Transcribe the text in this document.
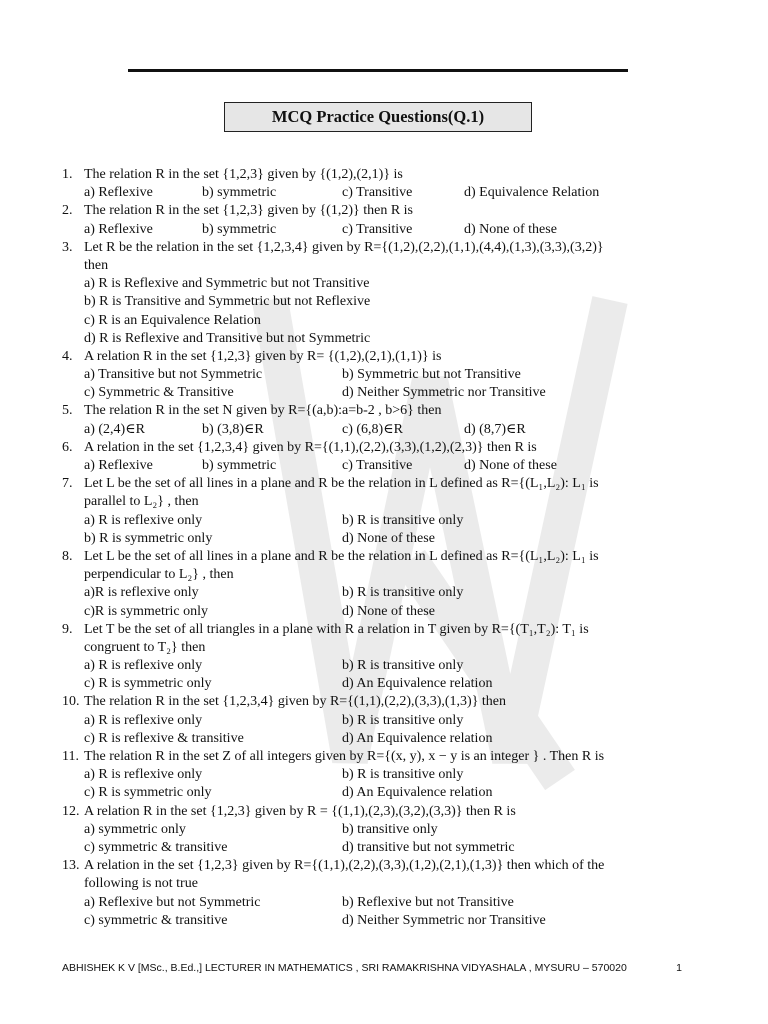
MCQ Practice Questions(Q.1)
1. The relation R in the set {1,2,3} given by {(1,2),(2,1)} is
a) Reflexive	b) symmetric	c) Transitive	d) Equivalence Relation
2. The relation R in the set {1,2,3} given by {(1,2)} then R is
a) Reflexive	b) symmetric	c) Transitive	d) None of these
3. Let R be the relation in the set {1,2,3,4} given by R={(1,2),(2,2),(1,1),(4,4),(1,3),(3,3),(3,2)}
then
a) R is Reflexive and Symmetric but not Transitive
b) R is Transitive and Symmetric but not Reflexive
c) R is an Equivalence Relation
d) R is Reflexive and Transitive but not Symmetric
4. A relation R in the set {1,2,3} given by R= {(1,2),(2,1),(1,1)} is
a) Transitive but not Symmetric	b) Symmetric but not Transitive
c) Symmetric & Transitive	d) Neither Symmetric nor Transitive
5. The relation R in the set N given by R={(a,b):a=b-2 , b>6} then
a) (2,4)∈R	b) (3,8)∈R	c) (6,8)∈R	d) (8,7)∈R
6. A relation in the set {1,2,3,4} given by R={(1,1),(2,2),(3,3),(1,2),(2,3)} then R is
a) Reflexive	b) symmetric	c) Transitive	d) None of these
7. Let L be the set of all lines in a plane and R be the relation in L defined as R={(L₁,L₂): L₁ is
parallel to L₂} , then
a) R is reflexive only	b) R is transitive only
b) R is symmetric only	d) None of these
8. Let L be the set of all lines in a plane and R be the relation in L defined as R={(L₁,L₂): L₁ is
perpendicular to L₂} , then
a)R is reflexive only	b) R is transitive only
c)R is symmetric only	d) None of these
9. Let T be the set of all triangles in a plane with R a relation in T given by R={(T₁,T₂): T₁ is
congruent to T₂} then
a) R is reflexive only	b) R is transitive only
c) R is symmetric only	d) An Equivalence relation
10. The relation R in the set {1,2,3,4} given by R={(1,1),(2,2),(3,3),(1,3)} then
a) R is reflexive only	b) R is transitive only
c) R is reflexive & transitive	d) An Equivalence relation
11. The relation R in the set Z of all integers given by R={(x, y), x − y is an integer } . Then R is
a) R is reflexive only	b) R is transitive only
c) R is symmetric only	d) An Equivalence relation
12. A relation R in the set {1,2,3} given by R = {(1,1),(2,3),(3,2),(3,3)} then R is
a) symmetric only	b) transitive only
c) symmetric & transitive	d) transitive but not symmetric
13. A relation in the set {1,2,3} given by R={(1,1),(2,2),(3,3),(1,2),(2,1),(1,3)} then which of the
following is not true
a) Reflexive but not Symmetric	b) Reflexive but not Transitive
c) symmetric & transitive	d) Neither Symmetric nor Transitive
ABHISHEK K V [MSc., B.Ed.,] LECTURER IN MATHEMATICS , SRI RAMAKRISHNA VIDYASHALA , MYSURU – 570020	1
